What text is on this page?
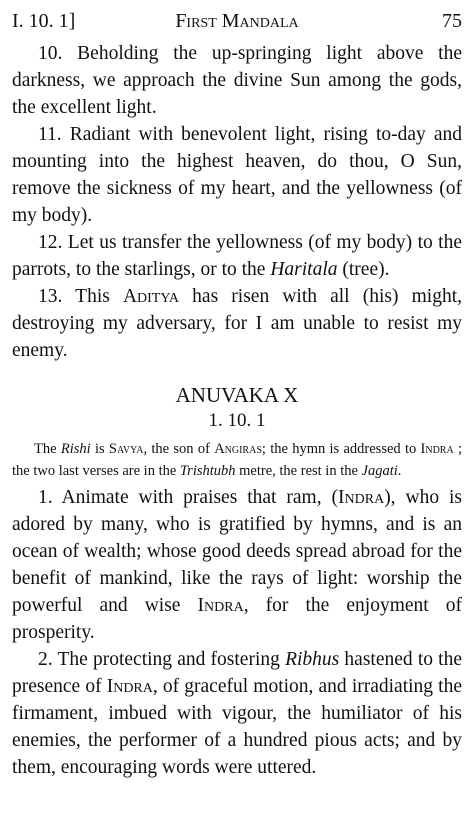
I. 10. 1]	First Mandala	75

10. Beholding the up-springing light above the darkness, we approach the divine Sun among the gods, the excellent light.

11. Radiant with benevolent light, rising to-day and mounting into the highest heaven, do thou, O Sun, remove the sickness of my heart, and the yellowness (of my body).

12. Let us transfer the yellowness (of my body) to the parrots, to the starlings, or to the Haritala (tree).

13. This Aditya has risen with all (his) might, destroying my adversary, for I am unable to resist my enemy.

ANUVAKA X

1. 10. 1

The Rishi is Savya, the son of Angiras; the hymn is addressed to Indra ; the two last verses are in the Trishtubh metre, the rest in the Jagati.

1. Animate with praises that ram, (Indra), who is adored by many, who is gratified by hymns, and is an ocean of wealth; whose good deeds spread abroad for the benefit of mankind, like the rays of light: worship the powerful and wise Indra, for the enjoyment of prosperity.

2. The protecting and fostering Ribhus hastened to the presence of Indra, of graceful motion, and irradiating the firmament, imbued with vigour, the humiliator of his enemies, the performer of a hundred pious acts; and by them, encouraging words were uttered.
